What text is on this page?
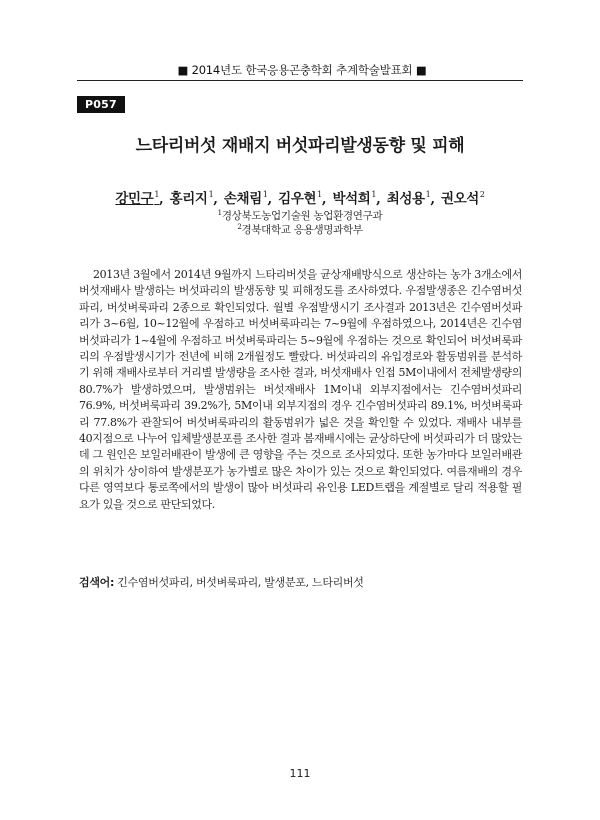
■ 2014년도 한국응용곤충학회 추계학술발표회 ■
P057
느타리버섯 재배지 버섯파리발생동향 및 피해
강민구$^1$, 홍리지$^1$, 손채림$^1$, 김우현$^1$, 박석희$^1$, 최성용$^1$, 권오석$^2$
$^1$경상북도농업기술원 농업환경연구과
$^2$경북대학교 응용생명과학부

2013년 3월에서 2014년 9월까지 느타리버섯을 균상재배방식으로 생산하는 농가 3개소에서 버섯재배사 발생하는 버섯파리의 발생동향 및 피해정도를 조사하였다. 우점발생종은 긴수염버섯파리, 버섯벼룩파리 2종으로 확인되었다. 월별 우점발생시기 조사결과 2013년은 긴수염버섯파리가 3~6월, 10~12월에 우점하고 버섯벼룩파리는 7~9월에 우점하였으나, 2014년은 긴수염버섯파리가 1~4월에 우점하고 버섯벼룩파리는 5~9월에 우점하는 것으로 확인되어 버섯벼룩파리의 우점발생시기가 전년에 비해 2개월정도 빨랐다. 버섯파리의 유입경로와 활동범위를 분석하기 위해 재배사로부터 거리별 발생량을 조사한 결과, 버섯재배사 인접 5M이내에서 전체발생량의 80.7%가 발생하였으며, 발생범위는 버섯재배사 1M이내 외부지점에서는 긴수염버섯파리 76.9%, 버섯벼룩파리 39.2%가, 5M이내 외부지점의 경우 긴수염버섯파리 89.1%, 버섯벼룩파리 77.8%가 관찰되어 버섯벼룩파리의 활동범위가 넓은 것을 확인할 수 있었다. 재배사 내부를 40지점으로 나누어 입체발생분포를 조사한 결과 봄재배시에는 균상하단에 버섯파리가 더 많았는데 그 원인은 보일러배관이 발생에 큰 영향을 주는 것으로 조사되었다. 또한 농가마다 보일러배관의 위치가 상이하여 발생분포가 농가별로 많은 차이가 있는 것으로 확인되었다. 여름재배의 경우 다른 영역보다 통로쪽에서의 발생이 많아 버섯파리 유인용 LED트랩을 계절별로 달리 적용할 필요가 있을 것으로 판단되었다.

검색어: 긴수염버섯파리, 버섯벼룩파리, 발생분포, 느타리버섯
111
